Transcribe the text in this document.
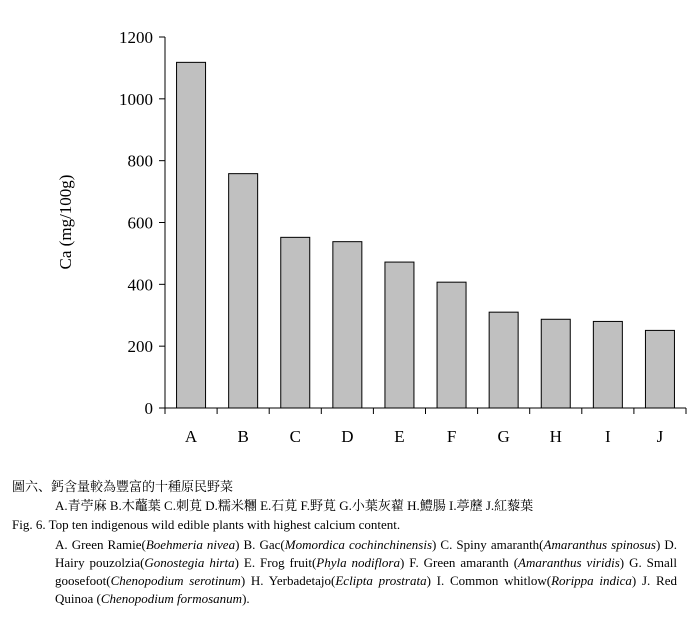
0
200
400
600
800
1000
1200
A B C D E F G H	I	J
Ca (mg/100g)
圖六、鈣含量較為豐富的十種原民野菜
A.青苧麻 B.木虌葉 C.刺莧 D.糯米糰 E.石莧 F.野莧 G.小葉灰藋 H.鱧腸 I.葶藶 J.紅藜葉
Fig. 6. Top ten indigenous wild edible plants with highest calcium content.
A. Green Ramie(Boehmeria nivea) B. Gac(Momordica cochinchinensis) C. Spiny amaranth(Amaranthus spinosus) D. Hairy pouzolzia(Gonostegia hirta) E. Frog fruit(Phyla nodiflora) F. Green amaranth (Amaranthus viridis) G. Small goosefoot(Chenopodium serotinum) H. Yerbadetajo(Eclipta prostrata) I. Common whitlow(Rorippa indica) J. Red Quinoa (Chenopodium formosanum).
